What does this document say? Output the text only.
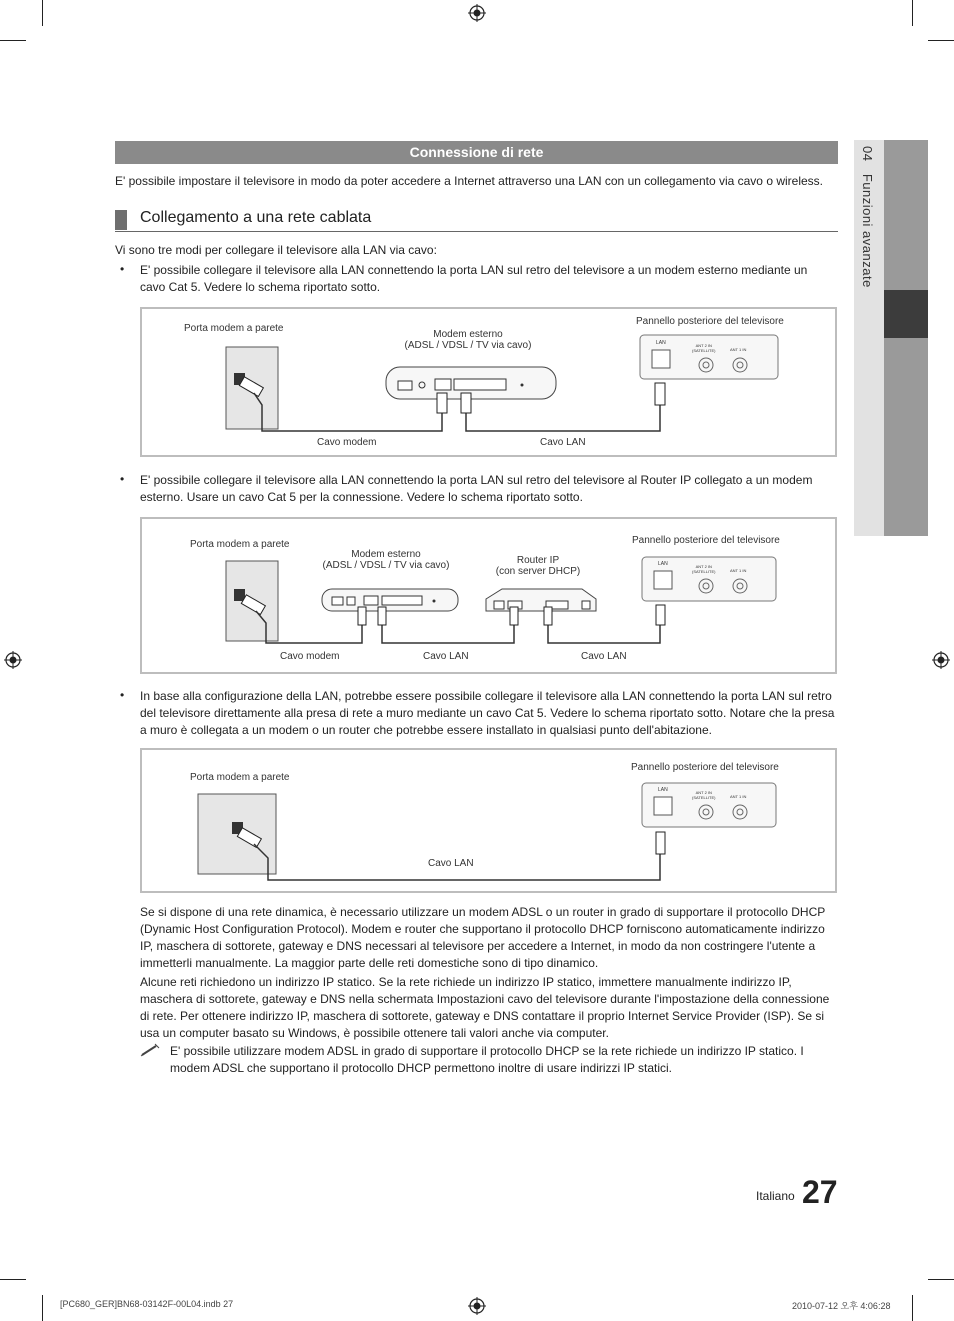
04   Funzioni avanzate
Connessione di rete
E' possibile impostare il televisore in modo da poter accedere a Internet attraverso una LAN con un collegamento via cavo o wireless.
Collegamento a una rete cablata
Vi sono tre modi per collegare il televisore alla LAN via cavo:
• E' possibile collegare il televisore alla LAN connettendo la porta LAN sul retro del televisore a un modem esterno mediante un cavo Cat 5. Vedere lo schema riportato sotto.
Porta modem a parete
Modem esterno
(ADSL / VDSL / TV via cavo)
Pannello posteriore del televisore
LAN	ANT 2 IN
(SATELLITE)	ANT 1 IN
Cavo modem	Cavo LAN
• E' possibile collegare il televisore alla LAN connettendo la porta LAN sul retro del televisore al Router IP collegato a un modem esterno. Usare un cavo Cat 5 per la connessione. Vedere lo schema riportato sotto.
Porta modem a parete
Modem esterno
(ADSL / VDSL / TV via cavo)	Router IP
(con server DHCP)
Pannello posteriore del televisore
LAN	ANT 2 IN
(SATELLITE)	ANT 1 IN
Cavo modem	Cavo LAN	Cavo LAN
• In base alla configurazione della LAN, potrebbe essere possibile collegare il televisore alla LAN connettendo la porta LAN sul retro del televisore direttamente alla presa di rete a muro mediante un cavo Cat 5. Vedere lo schema riportato sotto. Notare che la presa a muro è collegata a un modem o un router che potrebbe essere installato in qualsiasi punto dell'abitazione.
Porta modem a parete
Pannello posteriore del televisore
LAN	ANT 2 IN
(SATELLITE)	ANT 1 IN
Cavo LAN
Se si dispone di una rete dinamica, è necessario utilizzare un modem ADSL o un router in grado di supportare il protocollo DHCP (Dynamic Host Configuration Protocol). Modem e router che supportano il protocollo DHCP forniscono automaticamente indirizzo IP, maschera di sottorete, gateway e DNS necessari al televisore per accedere a Internet, in modo da non costringere l'utente a immetterli manualmente. La maggior parte delle reti domestiche sono di tipo dinamico.
Alcune reti richiedono un indirizzo IP statico. Se la rete richiede un indirizzo IP statico, immettere manualmente indirizzo IP, maschera di sottorete, gateway e DNS nella schermata Impostazioni cavo del televisore durante l'impostazione della connessione di rete. Per ottenere indirizzo IP, maschera di sottorete, gateway e DNS contattare il proprio Internet Service Provider (ISP). Se si usa un computer basato su Windows, è possibile ottenere tali valori anche via computer.
E' possibile utilizzare modem ADSL in grado di supportare il protocollo DHCP se la rete richiede un indirizzo IP statico. I modem ADSL che supportano il protocollo DHCP permettono inoltre di usare indirizzi IP statici.
Italiano 27
[PC680_GER]BN68-03142F-00L04.indb 27	2010-07-12 오후 4:06:28
